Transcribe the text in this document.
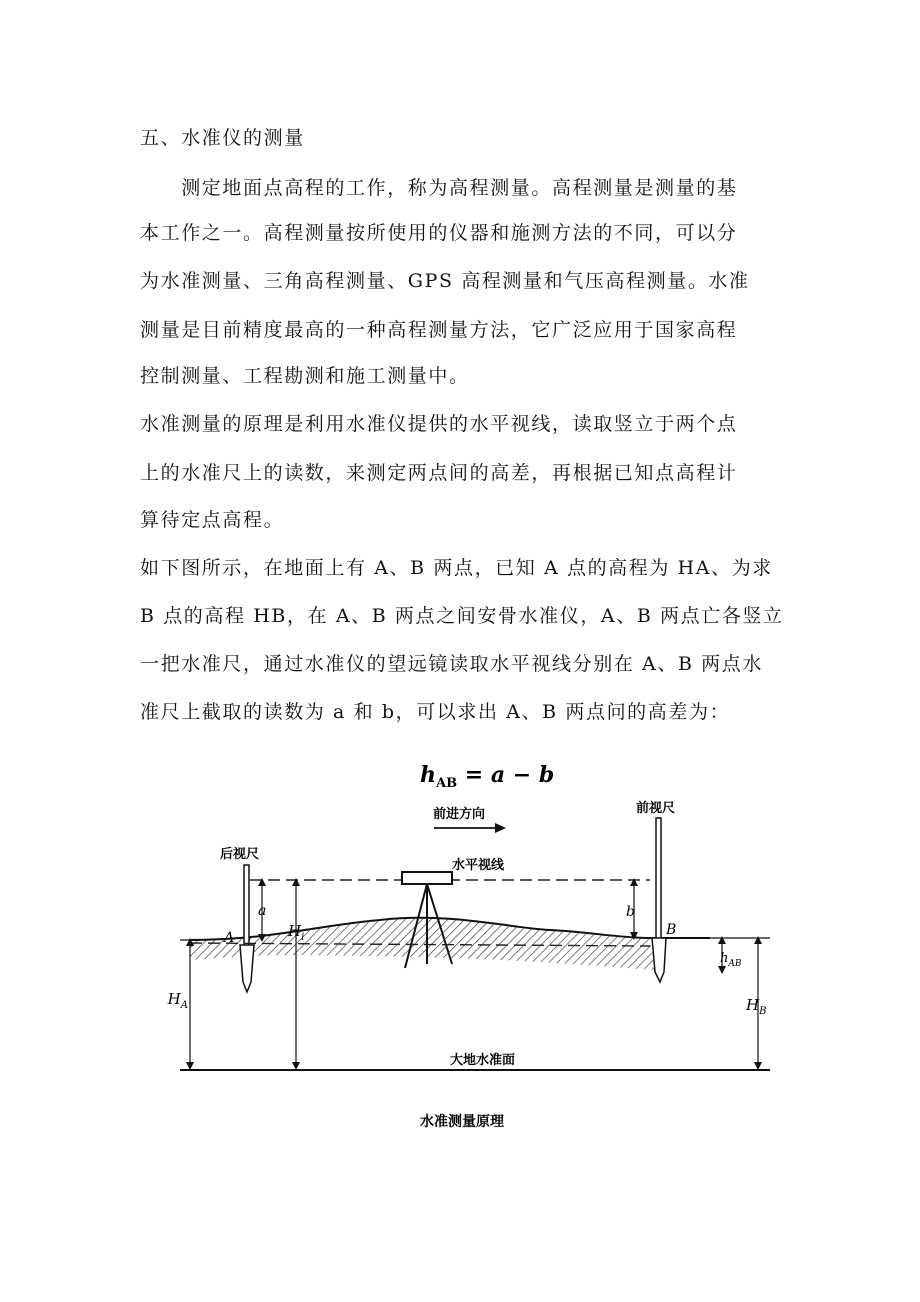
五、水准仪的测量
　　测定地面点高程的工作，称为高程测量。高程测量是测量的基
本工作之一。高程测量按所使用的仪器和施测方法的不同，可以分
为水准测量、三角高程测量、GPS 高程测量和气压高程测量。水准
测量是目前精度最高的一种高程测量方法，它广泛应用于国家高程
控制测量、工程勘测和施工测量中。
水准测量的原理是利用水准仪提供的水平视线，读取竖立于两个点
上的水准尺上的读数，来测定两点间的高差，再根据已知点高程计
算待定点高程。
如下图所示，在地面上有 A、B 两点，已知 A 点的高程为 HA、为求
B 点的高程 HB，在 A、B 两点之间安骨水准仪，A、B 两点亡各竖立
一把水准尺，通过水准仪的望远镜读取水平视线分别在 A、B 两点水
准尺上截取的读数为 a 和 b，可以求出 A、B 两点问的高差为：
$h_{AB} = a - b$
前进方向
水平视线
后视尺
A
a
$H_i$
$H_A$
前视尺
B
b
$h_{AB}$
$H_B$
大地水准面
水准测量原理
